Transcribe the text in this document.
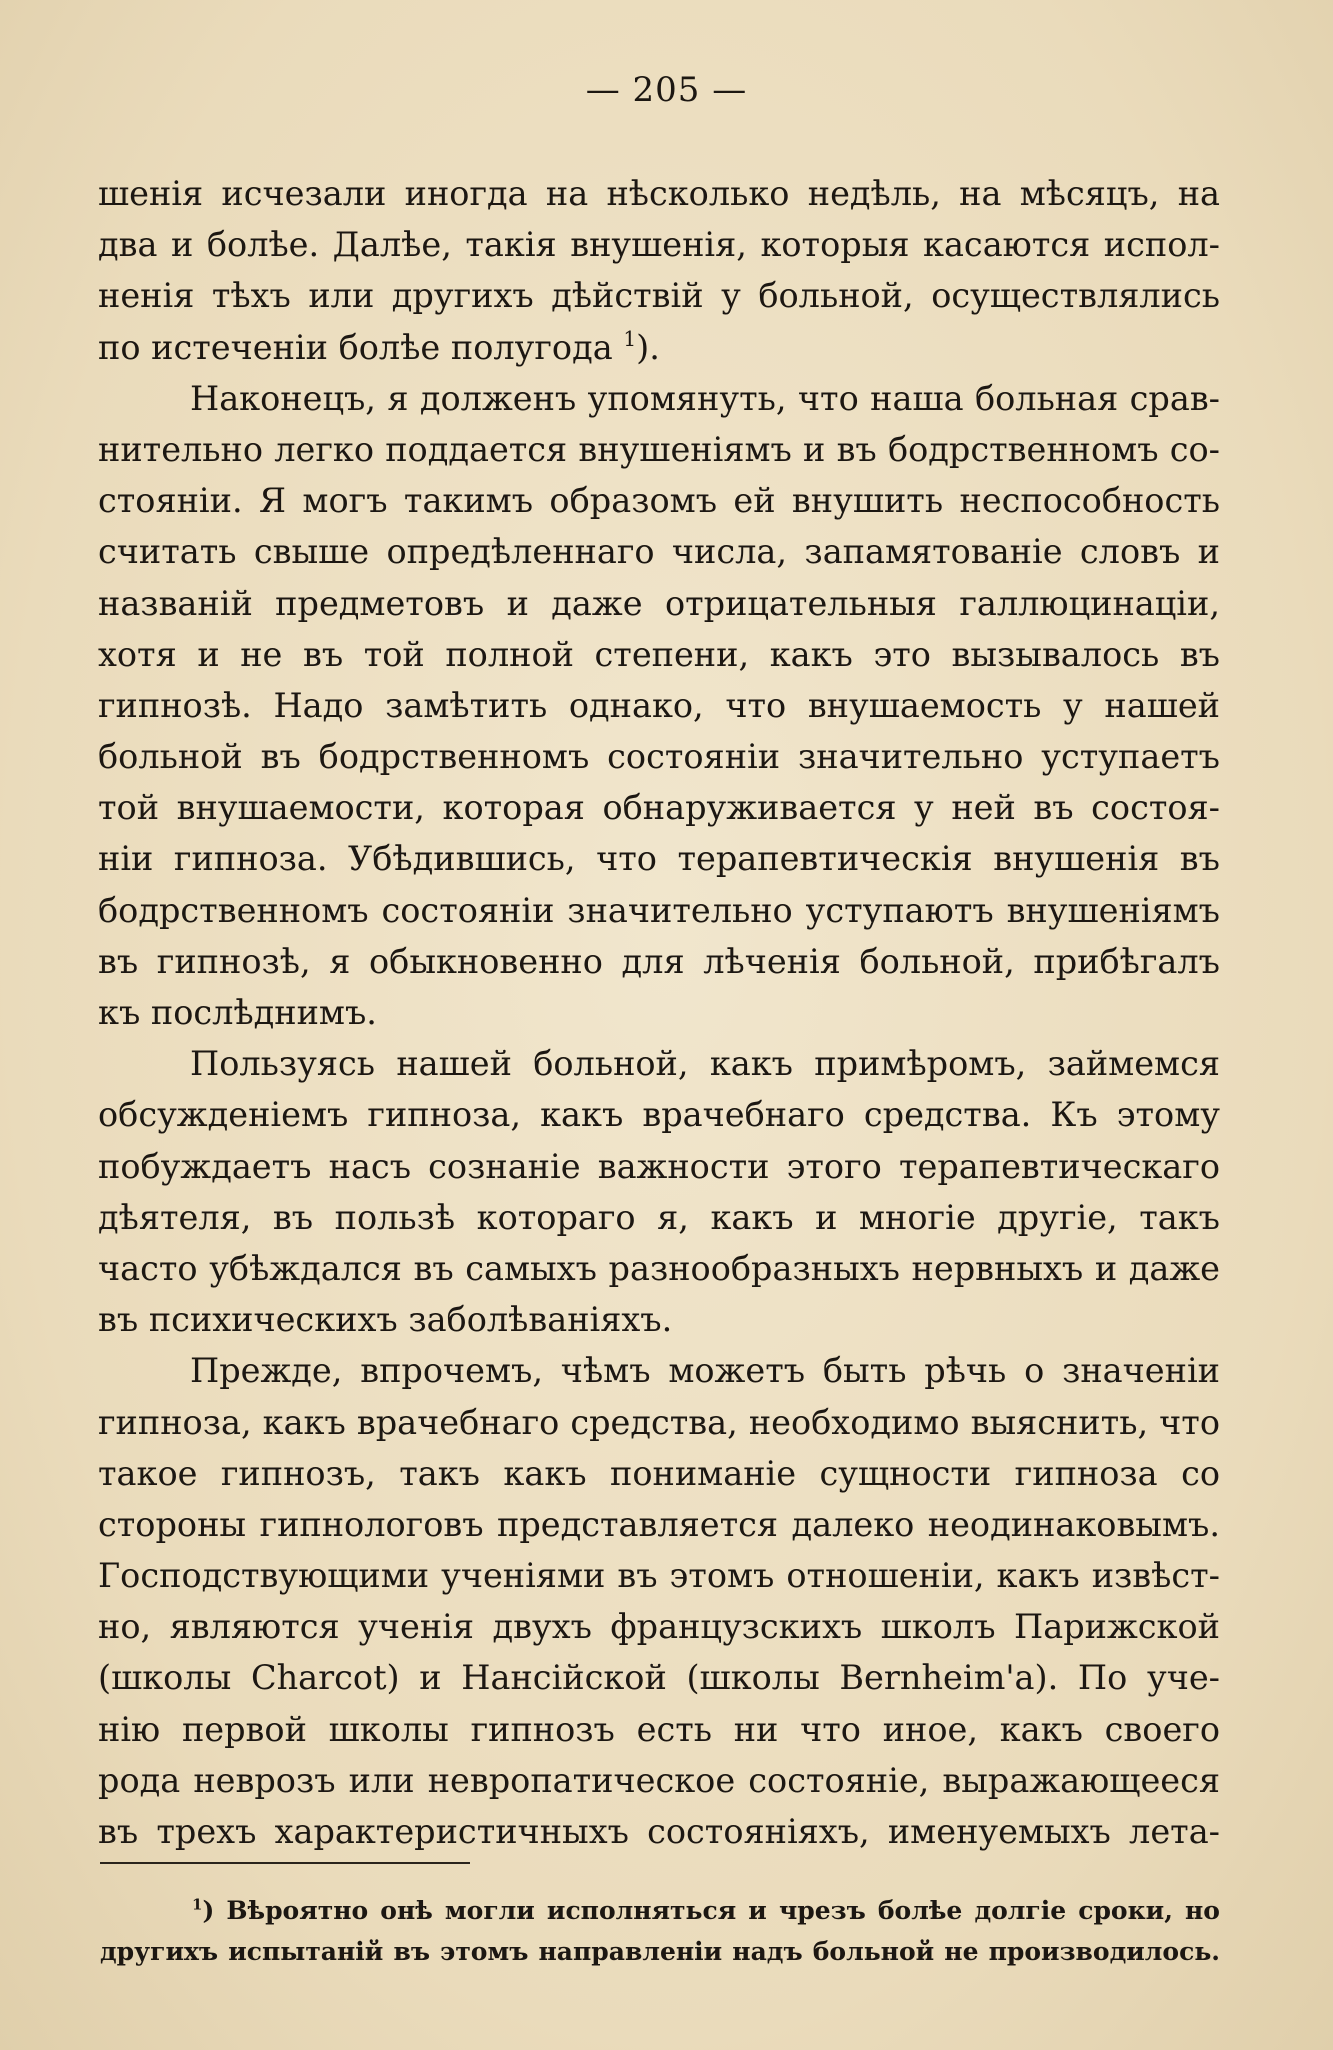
— 205 —
шенія исчезали иногда на нѣсколько недѣль, на мѣсяцъ, на
два и болѣе. Далѣе, такія внушенія, которыя касаются испол-
ненія тѣхъ или другихъ дѣйствій у больной, осуществлялись
по истеченіи болѣе полугода $^1$).
Наконецъ, я долженъ упомянуть, что наша больная срав-
нительно легко поддается внушеніямъ и въ бодрственномъ со-
стояніи. Я могъ такимъ образомъ ей внушить неспособность
считать свыше опредѣленнаго числа, запамятованіе словъ и
названій предметовъ и даже отрицательныя галлюцинаціи,
хотя и не въ той полной степени, какъ это вызывалось въ
гипнозѣ. Надо замѣтить однако, что внушаемость у нашей
больной въ бодрственномъ состояніи значительно уступаетъ
той внушаемости, которая обнаруживается у ней въ состоя-
ніи гипноза. Убѣдившись, что терапевтическія внушенія въ
бодрственномъ состояніи значительно уступаютъ внушеніямъ
въ гипнозѣ, я обыкновенно для лѣченія больной, прибѣгалъ
къ послѣднимъ.
Пользуясь нашей больной, какъ примѣромъ, займемся
обсужденіемъ гипноза, какъ врачебнаго средства. Къ этому
побуждаетъ насъ сознаніе важности этого терапевтическаго
дѣятеля, въ пользѣ котораго я, какъ и многіе другіе, такъ
часто убѣждался въ самыхъ разнообразныхъ нервныхъ и даже
въ психическихъ заболѣваніяхъ.
Прежде, впрочемъ, чѣмъ можетъ быть рѣчь о значеніи
гипноза, какъ врачебнаго средства, необходимо выяснить, что
такое гипнозъ, такъ какъ пониманіе сущности гипноза со
стороны гипнологовъ представляется далеко неодинаковымъ.
Господствующими ученіями въ этомъ отношеніи, какъ извѣст-
но, являются ученія двухъ французскихъ школъ Парижской
(школы Charcot) и Нансійской (школы Bernheim'а). По уче-
нію первой школы гипнозъ есть ни что иное, какъ своего
рода неврозъ или невропатическое состояніе, выражающееся
въ трехъ характеристичныхъ состояніяхъ, именуемыхъ лета-
$^1$) Вѣроятно онѣ могли исполняться и чрезъ болѣе долгіе сроки, но
другихъ испытаній въ этомъ направленіи надъ больной не производилось.
